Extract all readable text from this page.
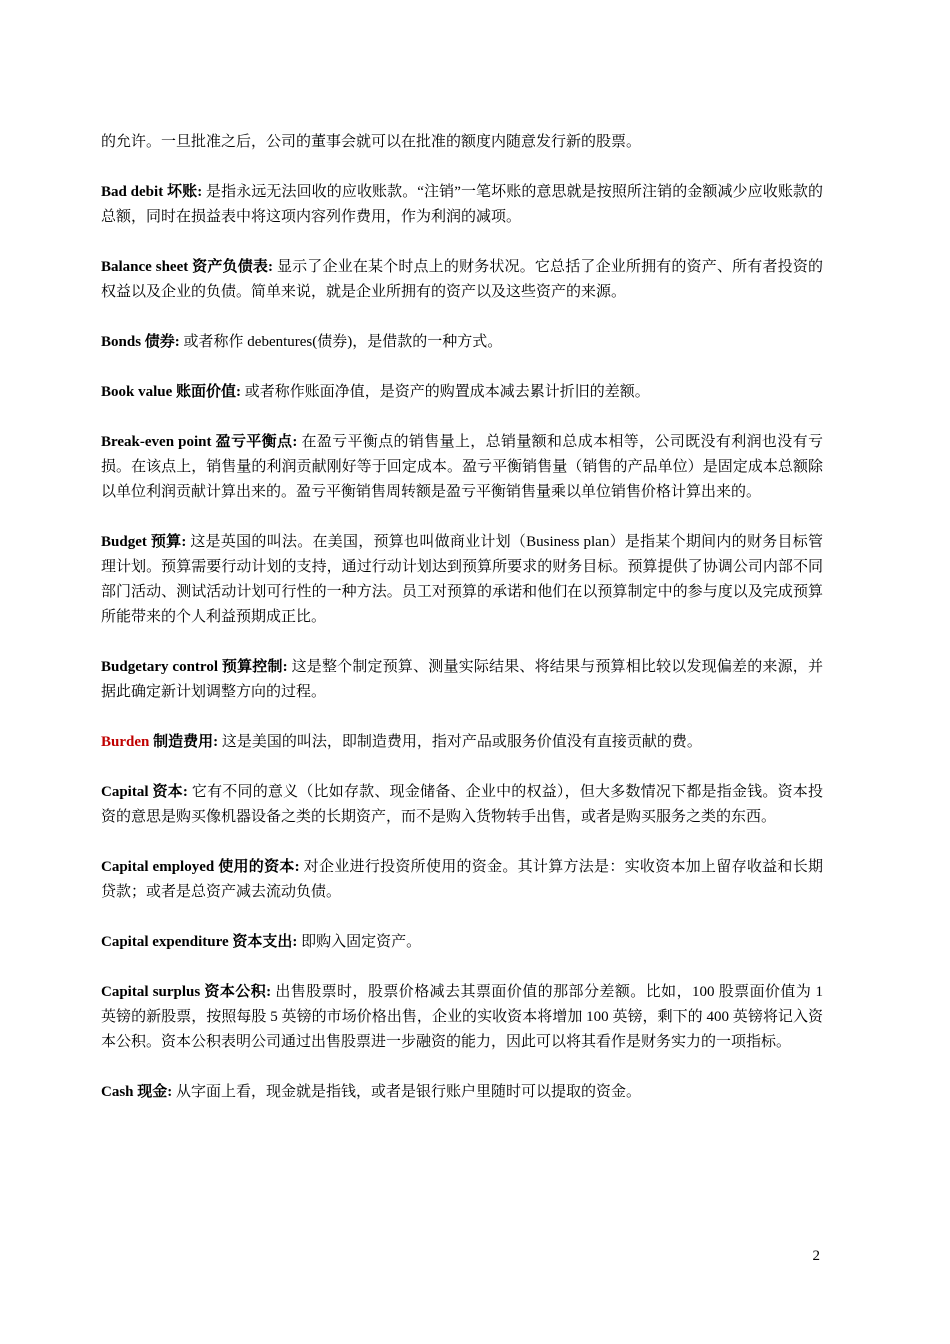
的允许。一旦批准之后，公司的董事会就可以在批准的额度内随意发行新的股票。

Bad debit 坏账: 是指永远无法回收的应收账款。“注销”一笔坏账的意思就是按照所注销的金额减少应收账款的总额，同时在损益表中将这项内容列作费用，作为利润的减项。

Balance sheet 资产负债表: 显示了企业在某个时点上的财务状况。它总括了企业所拥有的资产、所有者投资的权益以及企业的负债。简单来说，就是企业所拥有的资产以及这些资产的来源。

Bonds 债券: 或者称作 debentures(债券)，是借款的一种方式。

Book value 账面价值: 或者称作账面净值，是资产的购置成本减去累计折旧的差额。

Break-even point 盈亏平衡点: 在盈亏平衡点的销售量上，总销量额和总成本相等，公司既没有利润也没有亏损。在该点上，销售量的利润贡献刚好等于回定成本。盈亏平衡销售量（销售的产品单位）是固定成本总额除以单位利润贡献计算出来的。盈亏平衡销售周转额是盈亏平衡销售量乘以单位销售价格计算出来的。

Budget 预算: 这是英国的叫法。在美国，预算也叫做商业计划（Business plan）是指某个期间内的财务目标管理计划。预算需要行动计划的支持，通过行动计划达到预算所要求的财务目标。预算提供了协调公司内部不同部门活动、测试活动计划可行性的一种方法。员工对预算的承诺和他们在以预算制定中的参与度以及完成预算所能带来的个人利益预期成正比。

Budgetary control 预算控制: 这是整个制定预算、测量实际结果、将结果与预算相比较以发现偏差的来源，并据此确定新计划调整方向的过程。

Burden 制造费用: 这是美国的叫法，即制造费用，指对产品或服务价值没有直接贡献的费。

Capital 资本: 它有不同的意义（比如存款、现金储备、企业中的权益），但大多数情况下都是指金钱。资本投资的意思是购买像机器设备之类的长期资产，而不是购入货物转手出售，或者是购买服务之类的东西。

Capital employed 使用的资本: 对企业进行投资所使用的资金。其计算方法是：实收资本加上留存收益和长期贷款；或者是总资产减去流动负债。

Capital expenditure 资本支出: 即购入固定资产。

Capital surplus 资本公积: 出售股票时，股票价格减去其票面价值的那部分差额。比如，100 股票面价值为 1 英镑的新股票，按照每股 5 英镑的市场价格出售，企业的实收资本将增加 100 英镑，剩下的 400 英镑将记入资本公积。资本公积表明公司通过出售股票进一步融资的能力，因此可以将其看作是财务实力的一项指标。

Cash 现金: 从字面上看，现金就是指钱，或者是银行账户里随时可以提取的资金。

2
